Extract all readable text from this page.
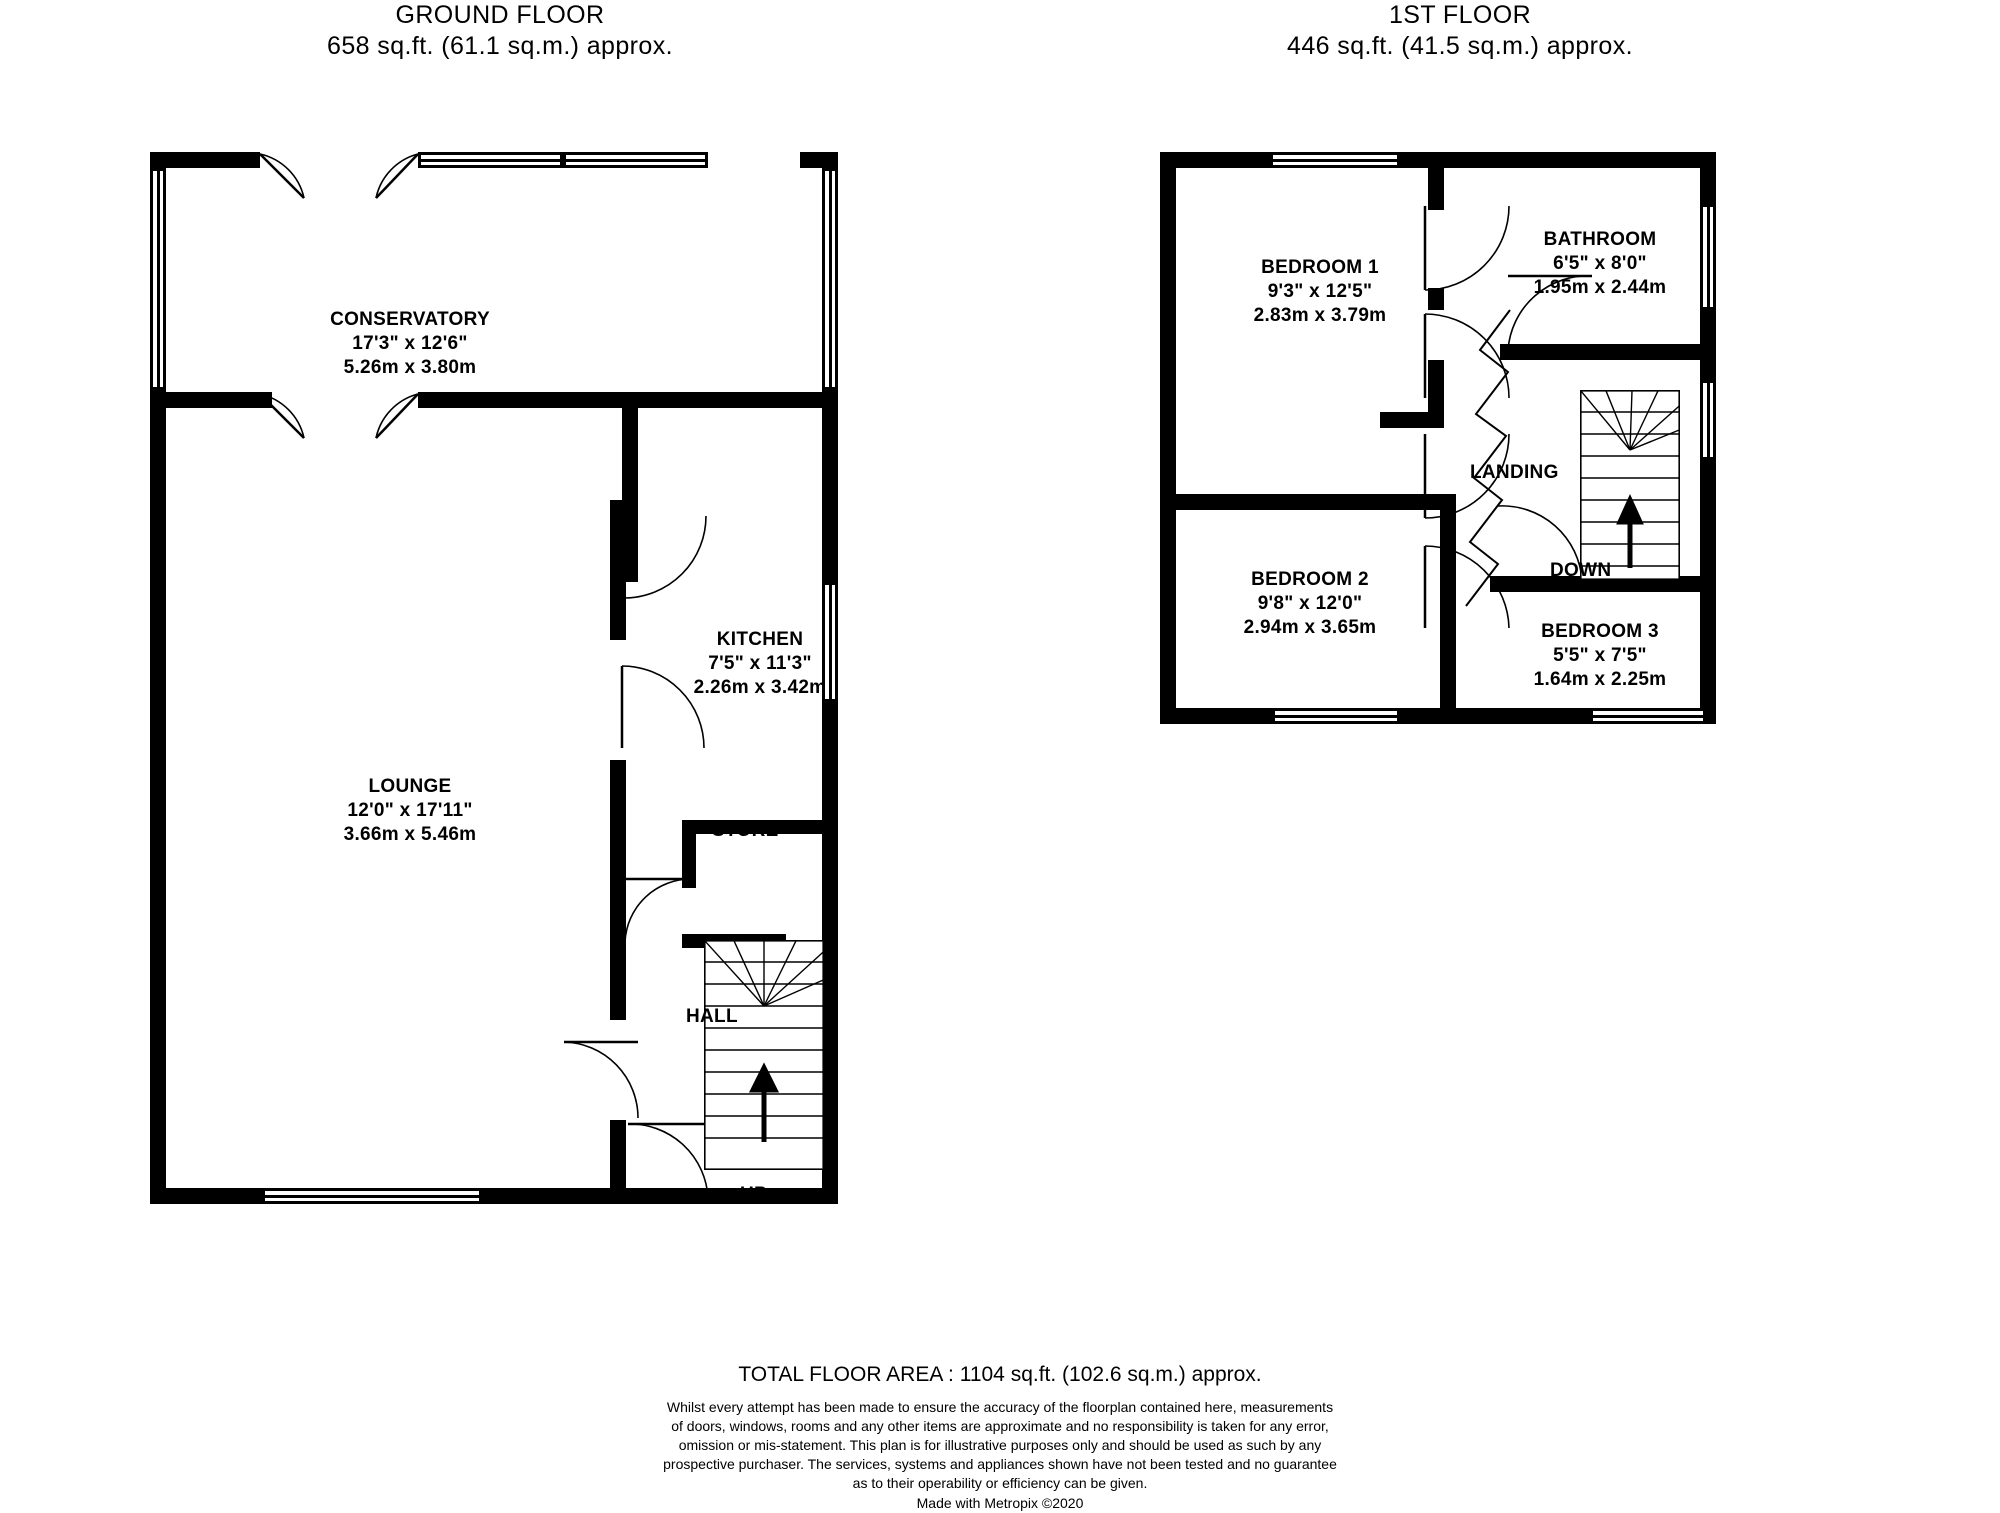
GROUND FLOOR
658 sq.ft. (61.1 sq.m.) approx.
1ST FLOOR
446 sq.ft. (41.5 sq.m.) approx.
CONSERVATORY
17'3" x 12'6"
5.26m x 3.80m
LOUNGE
12'0" x 17'11"
3.66m x 5.46m
KITCHEN
7'5" x 11'3"
2.26m x 3.42m
STORE
HALL
UP
BEDROOM 1
9'3" x 12'5"
2.83m x 3.79m
BATHROOM
6'5" x 8'0"
1.95m x 2.44m
BEDROOM 2
9'8" x 12'0"
2.94m x 3.65m	BEDROOM 3
5'5" x 7'5"
1.64m x 2.25m
LANDING
DOWN
TOTAL FLOOR AREA : 1104 sq.ft. (102.6 sq.m.) approx.
Whilst every attempt has been made to ensure the accuracy of the floorplan contained here, measurements
of doors, windows, rooms and any other items are approximate and no responsibility is taken for any error,
omission or mis-statement. This plan is for illustrative purposes only and should be used as such by any
prospective purchaser. The services, systems and appliances shown have not been tested and no guarantee
as to their operability or efficiency can be given.
Made with Metropix ©2020
